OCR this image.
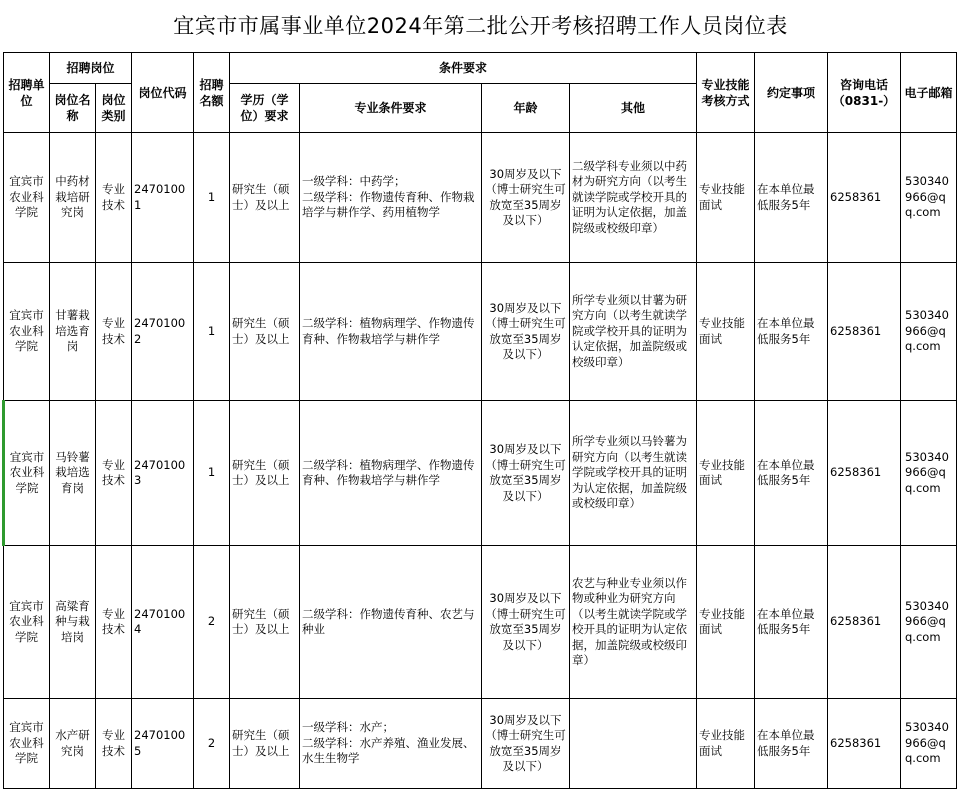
宜宾市市属事业单位2024年第二批公开考核招聘工作人员岗位表
招聘单位	招聘岗位		岗位代码	招聘名额	条件要求				专业技能考核方式	约定事项	咨询电话（0831-）	电子邮箱
	岗位名称	岗位类别			学历（学位）要求	专业条件要求	年龄	其他				
宜宾市农业科学院	中药材栽培研究岗	专业技术	24701001	1	研究生（硕士）及以上	一级学科：中药学；
二级学科：作物遗传育种、作物栽培学与耕作学、药用植物学	30周岁及以下（博士研究生可放宽至35周岁及以下）	二级学科专业须以中药材为研究方向（以考生就读学院或学校开具的证明为认定依据，加盖院级或校级印章）	专业技能面试	在本单位最低服务5年	6258361	530340966@qq.com
宜宾市农业科学院	甘薯栽培选育岗	专业技术	24701002	1	研究生（硕士）及以上	二级学科：植物病理学、作物遗传育种、作物栽培学与耕作学	30周岁及以下（博士研究生可放宽至35周岁及以下）	所学专业须以甘薯为研究方向（以考生就读学院或学校开具的证明为认定依据，加盖院级或校级印章）	专业技能面试	在本单位最低服务5年	6258361	530340966@qq.com
宜宾市农业科学院	马铃薯栽培选育岗	专业技术	24701003	1	研究生（硕士）及以上	二级学科：植物病理学、作物遗传育种、作物栽培学与耕作学	30周岁及以下（博士研究生可放宽至35周岁及以下）	所学专业须以马铃薯为研究方向（以考生就读学院或学校开具的证明为认定依据，加盖院级或校级印章）	专业技能面试	在本单位最低服务5年	6258361	530340966@qq.com
宜宾市农业科学院	高粱育种与栽培岗	专业技术	24701004	2	研究生（硕士）及以上	二级学科：作物遗传育种、农艺与种业	30周岁及以下（博士研究生可放宽至35周岁及以下）	农艺与种业专业须以作物或种业为研究方向（以考生就读学院或学校开具的证明为认定依据，加盖院级或校级印章）	专业技能面试	在本单位最低服务5年	6258361	530340966@qq.com
宜宾市农业科学院	水产研究岗	专业技术	24701005	2	研究生（硕士）及以上	一级学科：水产；
二级学科：水产养殖、渔业发展、水生生物学	30周岁及以下（博士研究生可放宽至35周岁及以下）		专业技能面试	在本单位最低服务5年	6258361	530340966@qq.com
